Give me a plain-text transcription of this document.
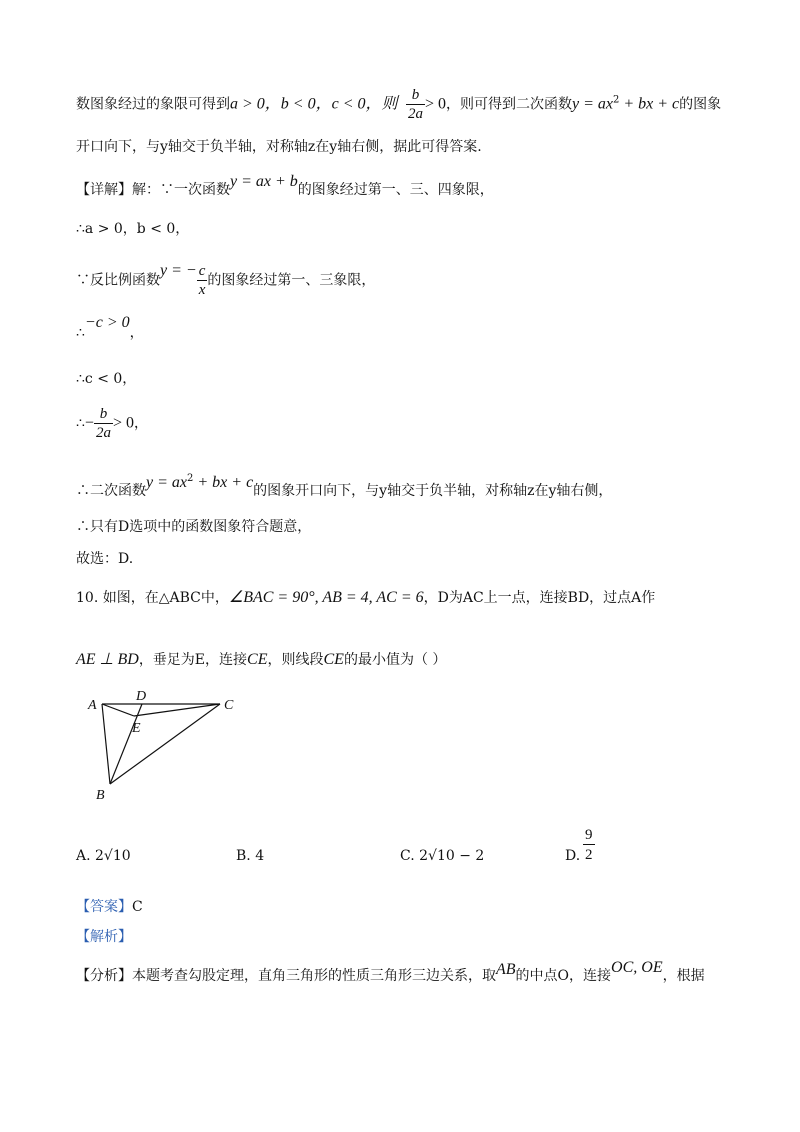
数图象经过的象限可得到a > 0，b < 0，c < 0，则 $\frac{b}{2a} > 0$，则可得到二次函数$y = ax^2$ + bx + c的图象
开口向下，与y轴交于负半轴，对称轴z在y轴右侧，据此可得答案.
【详解】解：∵一次函数y = ax + b的图象经过第一、三、四象限，
∴a > 0，b < 0，
∵反比例函数y = − $\frac{c}{x}$ 的图象经过第一、三象限，
∴−c > 0，
∴c < 0，
∴− $\frac{b}{2a} > 0$，
∴二次函数$y = ax^2$ + bx + c的图象开口向下，与y轴交于负半轴，对称轴z在y轴右侧，
∴只有D选项中的函数图象符合题意，
故选：D.
10. 如图，在△ABC中，∠BAC = 90°, AB = 4, AC = 6，D为AC上一点，连接BD，过点A作
AE ⊥ BD，垂足为E，连接CE，则线段CE的最小值为（ ）
A
D
C
E
B
A. 2√10	B. 4	C. 2√10 − 2	D. $\frac{9}{2}$
【答案】C
【解析】
【分析】本题考查勾股定理，直角三角形的性质三角形三边关系，取AB的中点O，连接OC, OE，根据
